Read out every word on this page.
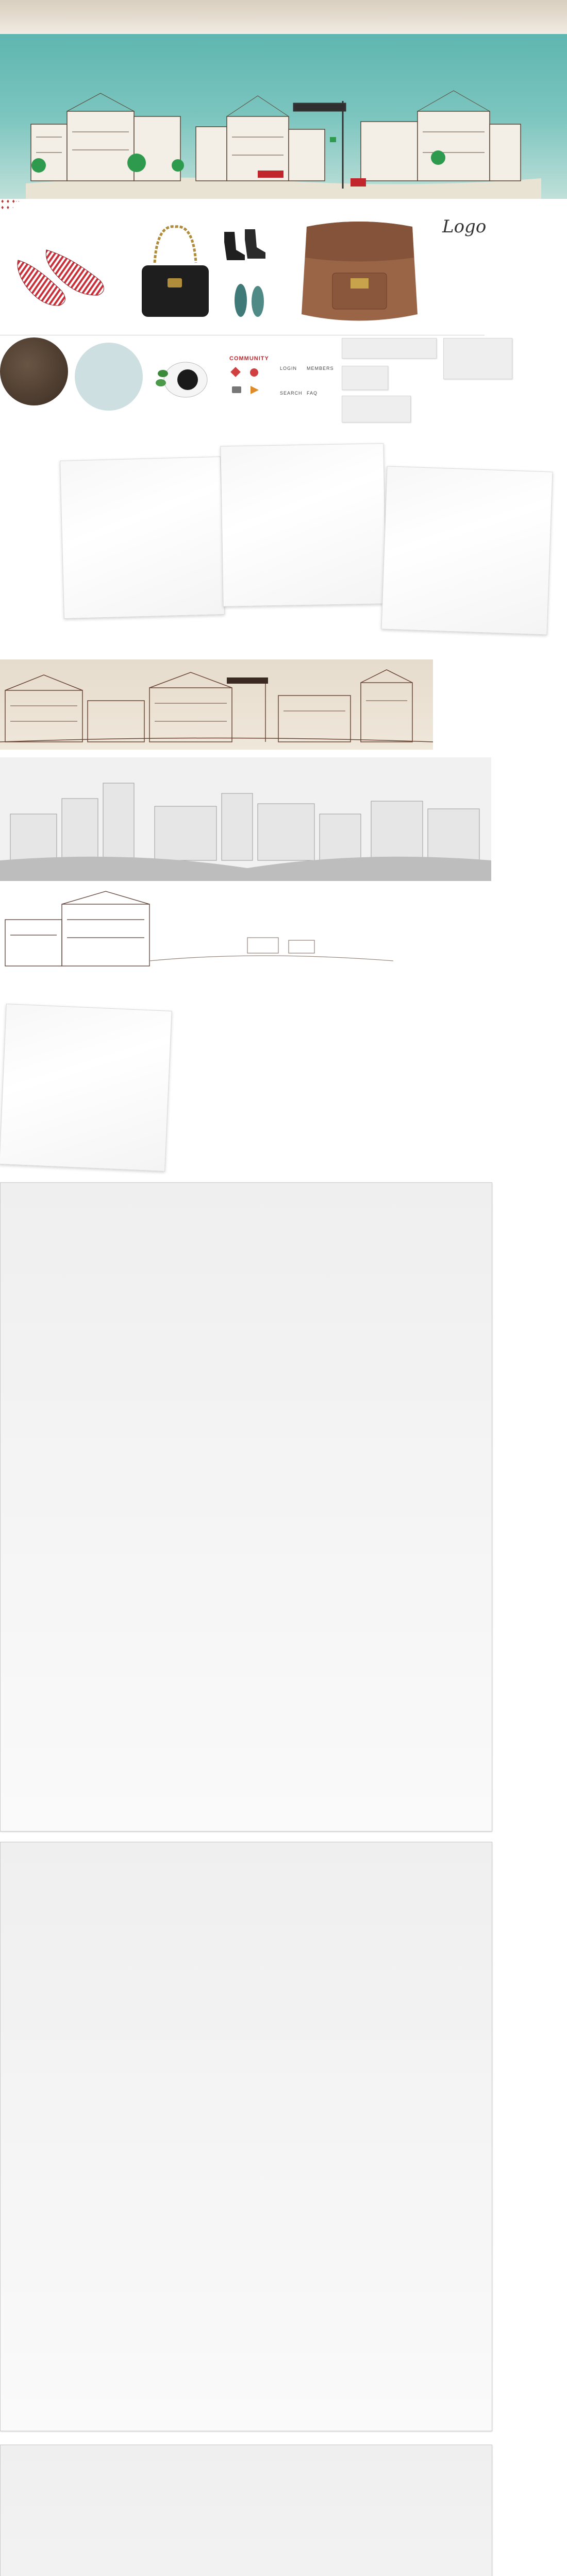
♦ ♦ ♦··
♦ ♦ ·
Logo
COMMUNITY
LOGIN MEMBERS
SEARCH FAQ
